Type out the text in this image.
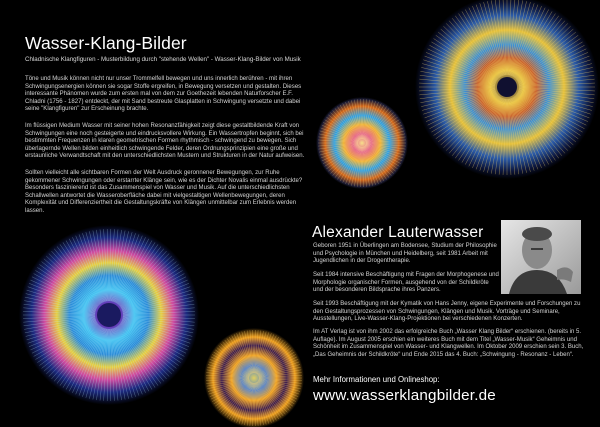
Wasser-Klang-Bilder
Chladnische Klangfiguren - Musterbildung durch "stehende Wellen" - Wasser-Klang-Bilder von Musik
Töne und Musik können nicht nur unser Trommelfell bewegen und uns innerlich berühren - mit ihren Schwingungsenergien können sie sogar Stoffe ergreifen, in Bewegung versetzen und gestalten. Dieses interessante Phänomen wurde zum ersten mal von dem zur Goethezeit lebenden Naturforscher E.F. Chladni (1756 - 1827) entdeckt, der mit Sand bestreute Glasplatten in Schwingung versetzte und dabei seine "Klangfiguren" zur Erscheinung brachte.
Im flüssigen Medium Wasser mit seiner hohen Resonanzfähigkeit zeigt diese gestaltbildende Kraft von Schwingungen eine noch gesteigerte und eindrucksvollere Wirkung. Ein Wassertropfen beginnt, sich bei bestimmten Frequenzen in klaren geometrischen Formen rhythmisch - schwingend zu bewegen. Sich überlagernde Wellen bilden einheitlich schwingende Felder, deren Ordnungsprinzipien eine große und erstaunliche Verwandtschaft mit den unterschiedlichsten Mustern und Strukturen in der Natur aufweisen.
Sollten vielleicht alle sichtbaren Formen der Welt Ausdruck geronnener Bewegungen, zur Ruhe gekommener Schwingungen oder erstarrter Klänge sein, wie es der Dichter Novalis einmal ausdrückte? Besonders faszinierend ist das Zusammenspiel von Wasser und Musik. Auf die unterschiedlichsten Schallwellen antwortet die Wasseroberfläche dabei mit vielgestaltigen Wellenbewegungen, deren Komplexität und Differenziertheit die Gestaltungskräfte von Klängen unmittelbar zum Erlebnis werden lassen.
Alexander Lauterwasser
Geboren 1951 in Überlingen am Bodensee, Studium der Philosophie und Psychologie in München und Heidelberg, seit 1981 Arbeit mit Jugendlichen in der Drogentherapie.
Seit 1984 intensive Beschäftigung mit Fragen der Morphogenese und Morphologie organischer Formen, ausgehend von der Schildkröte und der besonderen Bildsprache ihres Panzers.
Seit 1993 Beschäftigung mit der Kymatik von Hans Jenny, eigene Experimente und Forschungen zu den Gestaltungsprozessen von Schwingungen, Klängen und Musik. Vorträge und Seminare, Ausstellungen, Live-Wasser-Klang-Projektionen bei verschiedenen Konzerten.
Im AT Verlag ist von ihm 2002 das erfolgreiche Buch „Wasser Klang Bilder“ erschienen. (bereits in 5. Auflage). Im August 2005 erschien ein weiteres Buch mit dem Titel „Wasser-Musik“ Geheimnis und Schönheit im Zusammenspiel von Wasser- und Klangwellen. Im Oktober 2009 erschien sein 3. Buch, „Das Geheimnis der Schildkröte“ und Ende 2015 das 4. Buch: „Schwingung - Resonanz - Leben“.
Mehr Informationen und Onlineshop:
www.wasserklangbilder.de
